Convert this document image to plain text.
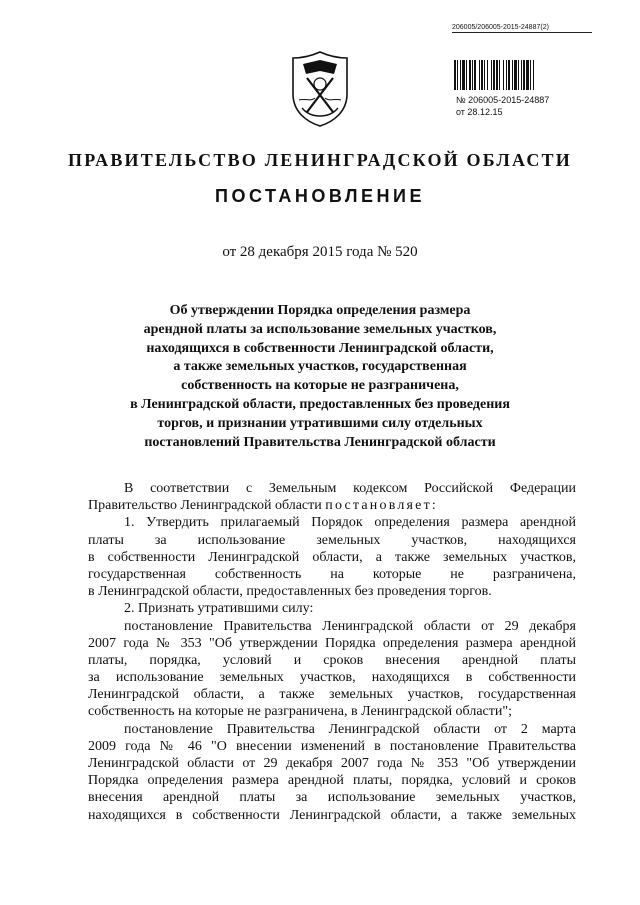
206005/206005-2015-24887(2)
№ 206005-2015-24887
от 28.12.15
ПРАВИТЕЛЬСТВО ЛЕНИНГРАДСКОЙ ОБЛАСТИ
ПОСТАНОВЛЕНИЕ
от 28 декабря 2015 года № 520
Об утверждении Порядка определения размера
арендной платы за использование земельных участков,
находящихся в собственности Ленинградской области,
а также земельных участков, государственная
собственность на которые не разграничена,
в Ленинградской области, предоставленных без проведения
торгов, и признании утратившими силу отдельных
постановлений Правительства Ленинградской области
В соответствии с Земельным кодексом Российской Федерации
Правительство Ленинградской области постановляет:
1. Утвердить прилагаемый Порядок определения размера арендной
платы за использование земельных участков, находящихся
в собственности Ленинградской области, а также земельных участков,
государственная собственность на которые не разграничена,
в Ленинградской области, предоставленных без проведения торгов.
2. Признать утратившими силу:
постановление Правительства Ленинградской области от 29 декабря
2007 года № 353 "Об утверждении Порядка определения размера арендной
платы, порядка, условий и сроков внесения арендной платы
за использование земельных участков, находящихся в собственности
Ленинградской области, а также земельных участков, государственная
собственность на которые не разграничена, в Ленинградской области";
постановление Правительства Ленинградской области от 2 марта
2009 года № 46 "О внесении изменений в постановление Правительства
Ленинградской области от 29 декабря 2007 года № 353 "Об утверждении
Порядка определения размера арендной платы, порядка, условий и сроков
внесения арендной платы за использование земельных участков,
находящихся в собственности Ленинградской области, а также земельных
